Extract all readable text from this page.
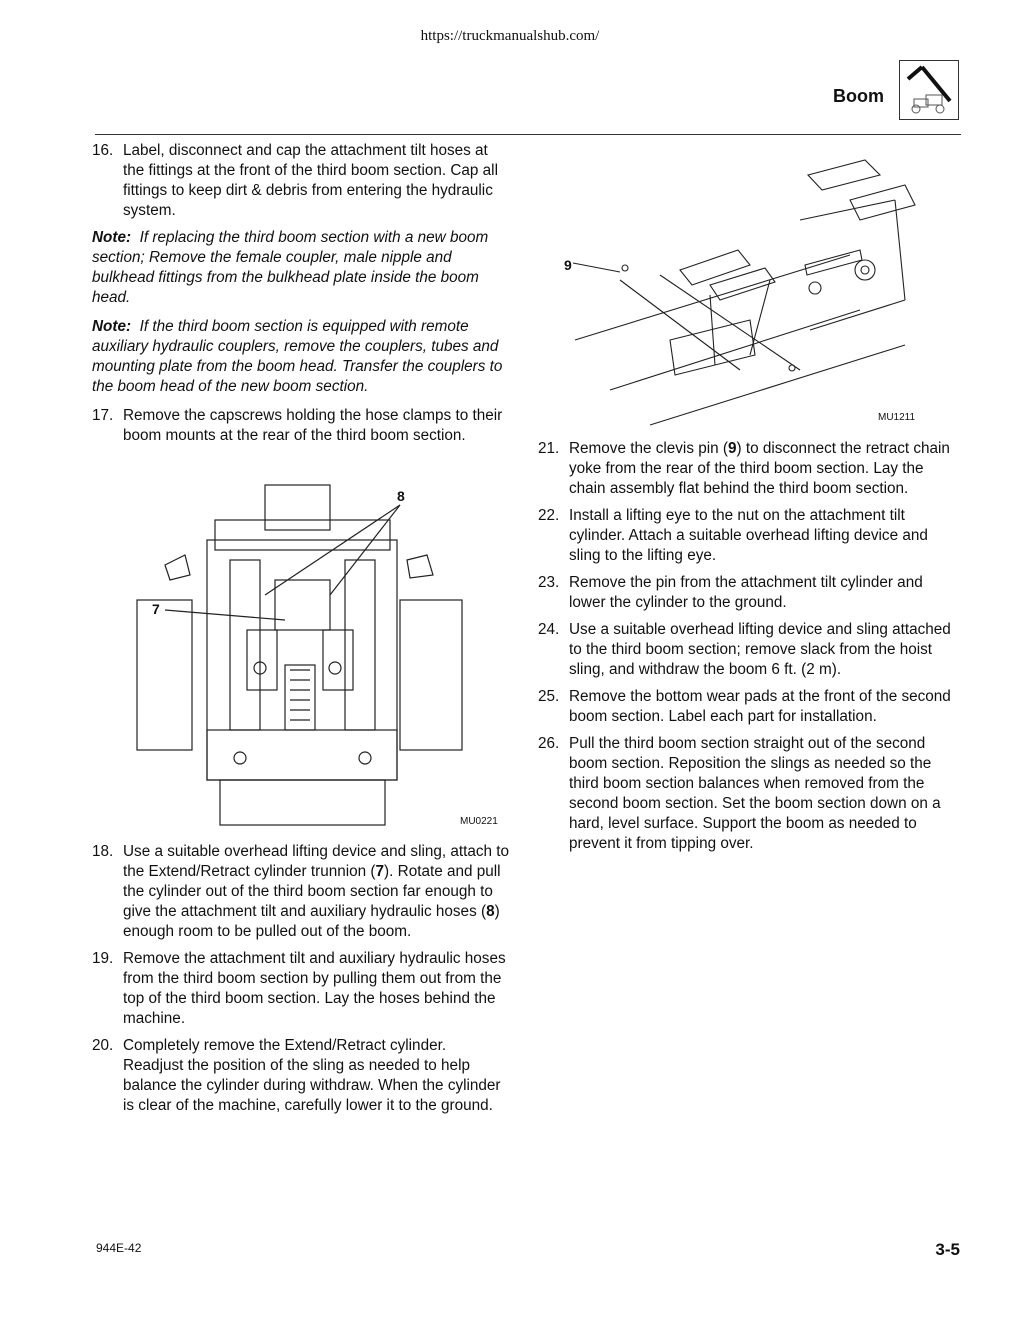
https://truckmanualshub.com/
Boom
16. Label, disconnect and cap the attachment tilt hoses at the fittings at the front of the third boom section. Cap all fittings to keep dirt & debris from entering the hydraulic system.
Note: If replacing the third boom section with a new boom section; Remove the female coupler, male nipple and bulkhead fittings from the bulkhead plate inside the boom head.
Note: If the third boom section is equipped with remote auxiliary hydraulic couplers, remove the couplers, tubes and mounting plate from the boom head. Transfer the couplers to the boom head of the new boom section.
17. Remove the capscrews holding the hose clamps to their boom mounts at the rear of the third boom section.
18. Use a suitable overhead lifting device and sling, attach to the Extend/Retract cylinder trunnion (7). Rotate and pull the cylinder out of the third boom section far enough to give the attachment tilt and auxiliary hydraulic hoses (8) enough room to be pulled out of the boom.
19. Remove the attachment tilt and auxiliary hydraulic hoses from the third boom section by pulling them out from the top of the third boom section. Lay the hoses behind the machine.
20. Completely remove the Extend/Retract cylinder. Readjust the position of the sling as needed to help balance the cylinder during withdraw. When the cylinder is clear of the machine, carefully lower it to the ground.
8
7
MU0221
9
MU1211
21. Remove the clevis pin (9) to disconnect the retract chain yoke from the rear of the third boom section. Lay the chain assembly flat behind the third boom section.
22. Install a lifting eye to the nut on the attachment tilt cylinder. Attach a suitable overhead lifting device and sling to the lifting eye.
23. Remove the pin from the attachment tilt cylinder and lower the cylinder to the ground.
24. Use a suitable overhead lifting device and sling attached to the third boom section; remove slack from the hoist sling, and withdraw the boom 6 ft. (2 m).
25. Remove the bottom wear pads at the front of the second boom section. Label each part for installation.
26. Pull the third boom section straight out of the second boom section. Reposition the slings as needed so the third boom section balances when removed from the second boom section. Set the boom section down on a hard, level surface. Support the boom as needed to prevent it from tipping over.
944E-42	3-5
